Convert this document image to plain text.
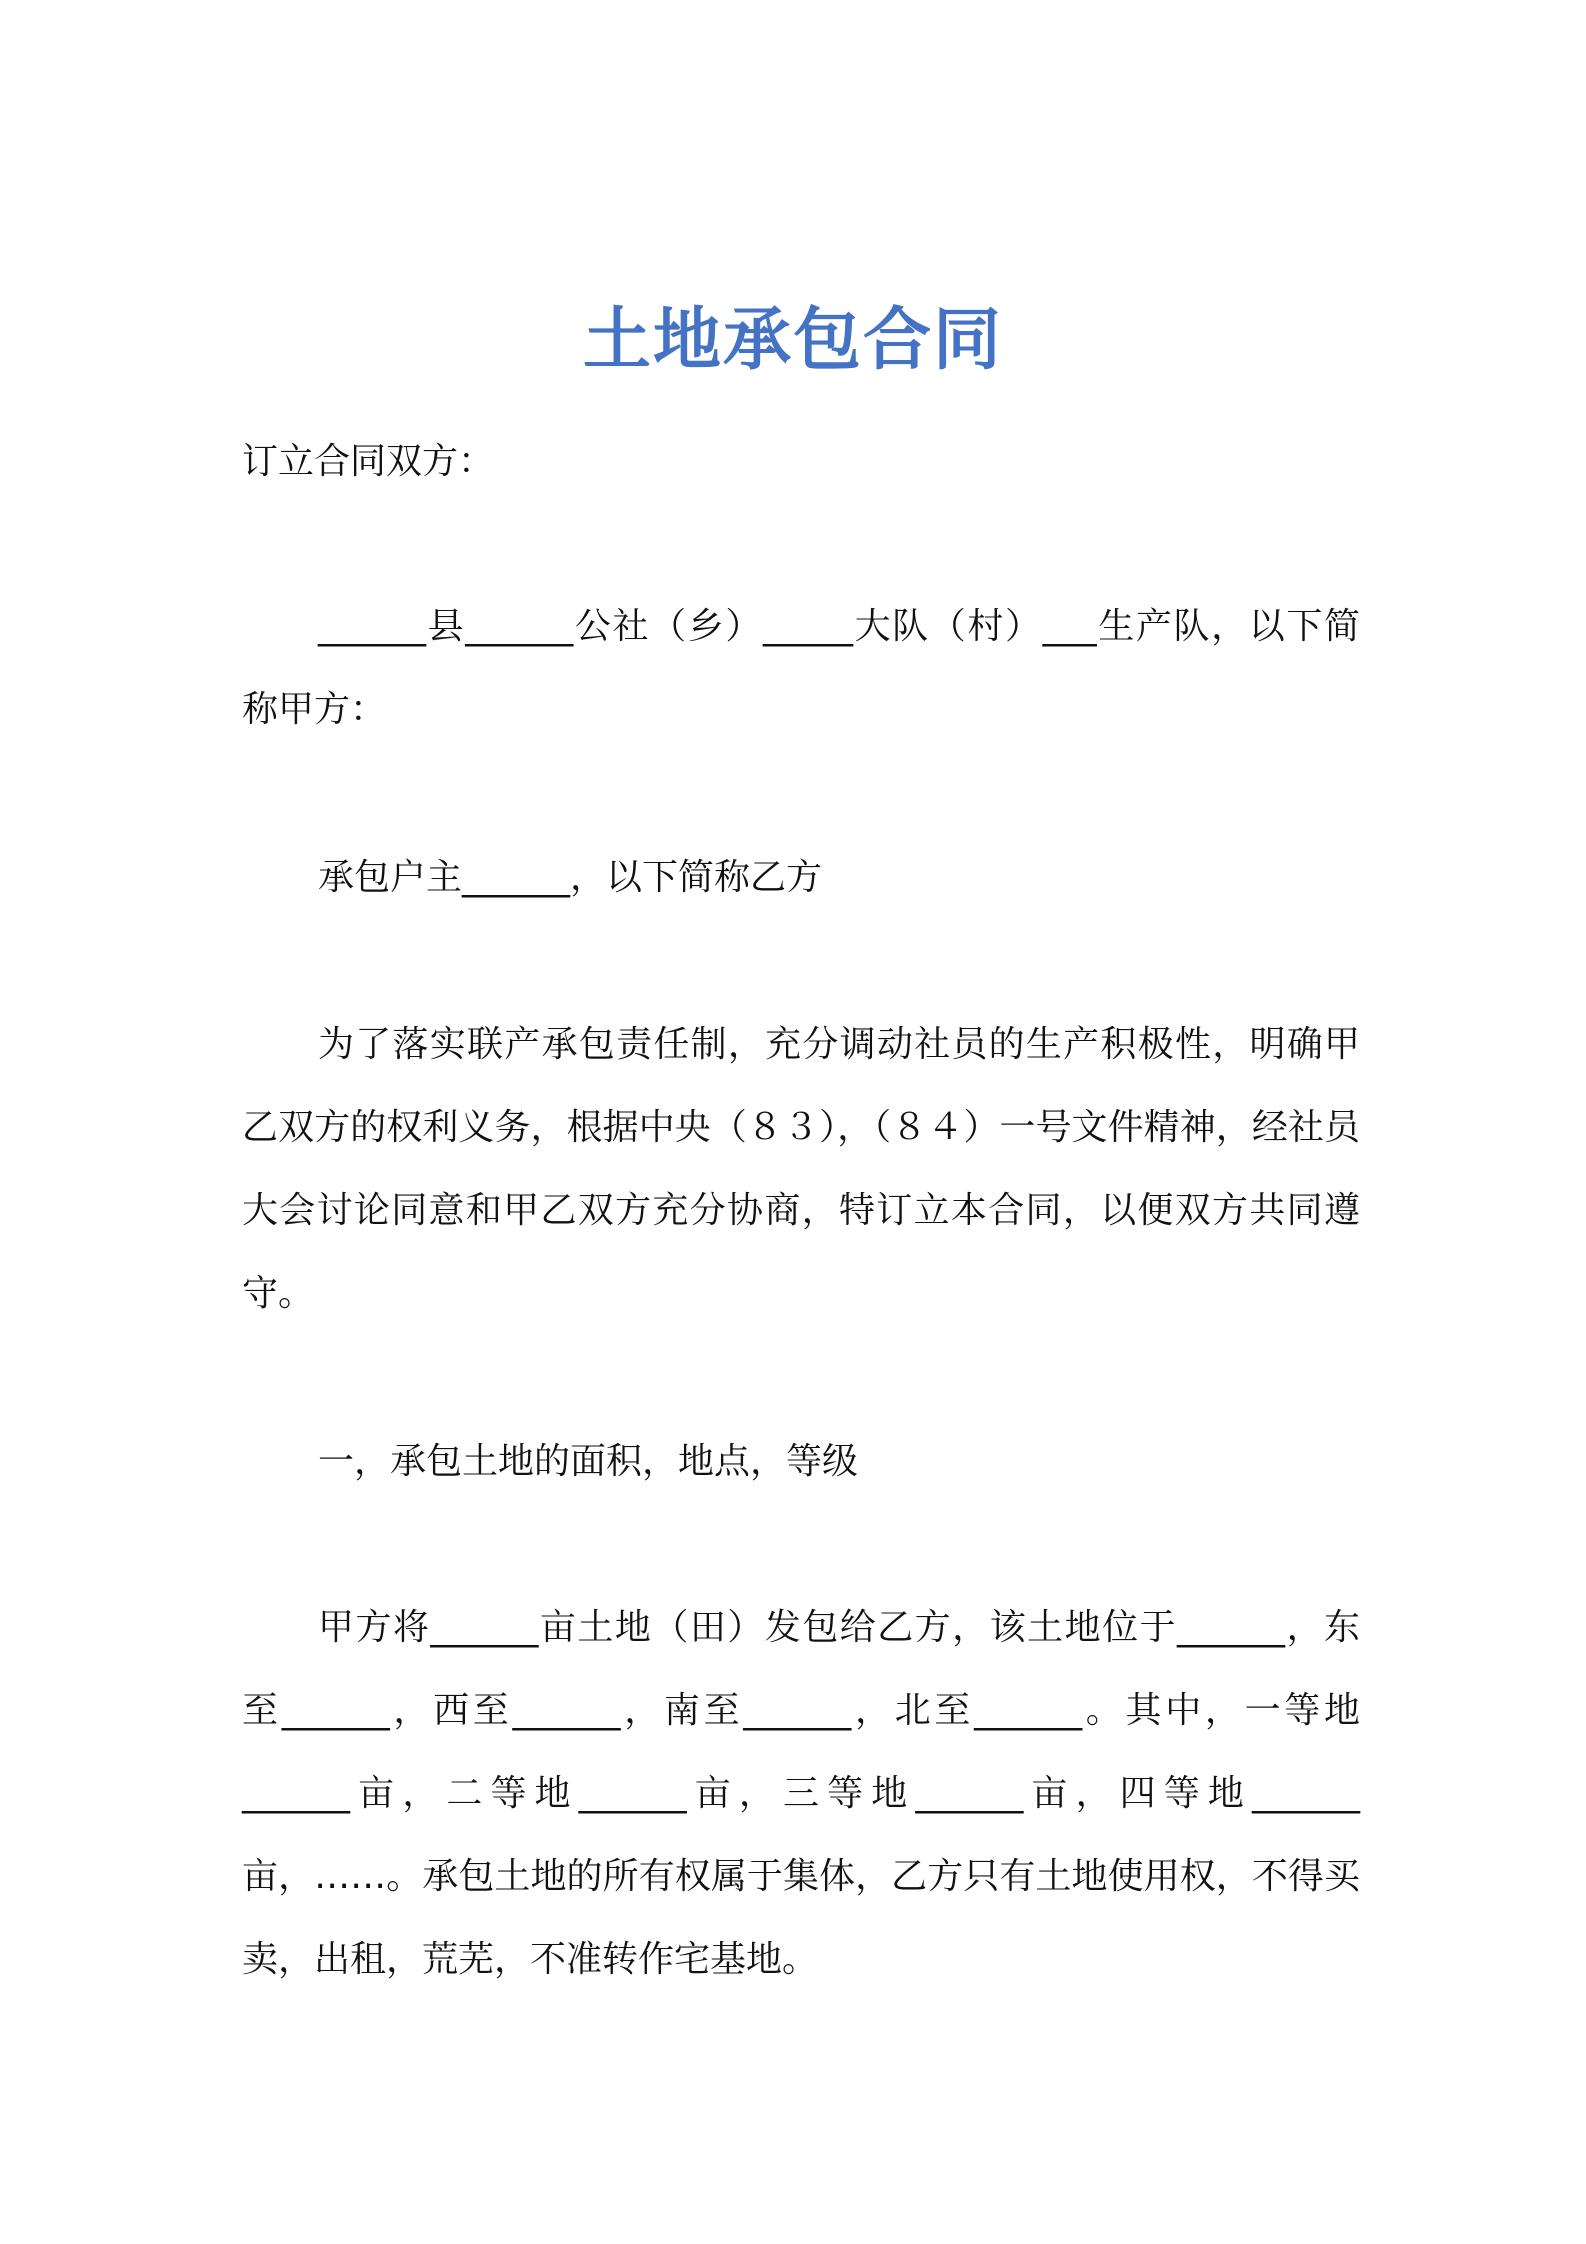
土地承包合同

订立合同双方：

______县______公社（乡）_____大队（村）___生产队，以下简称甲方：

承包户主______，以下简称乙方

为了落实联产承包责任制，充分调动社员的生产积极性，明确甲乙双方的权利义务，根据中央（８３），（８４）一号文件精神，经社员大会讨论同意和甲乙双方充分协商，特订立本合同，以便双方共同遵守。

一，承包土地的面积，地点，等级

甲方将______亩土地（田）发包给乙方，该土地位于______，东至______，西至______，南至______，北至______。其中，一等地______亩，二等地______亩，三等地______亩，四等地______亩，……。承包土地的所有权属于集体，乙方只有土地使用权，不得买卖，出租，荒芜，不准转作宅基地。
